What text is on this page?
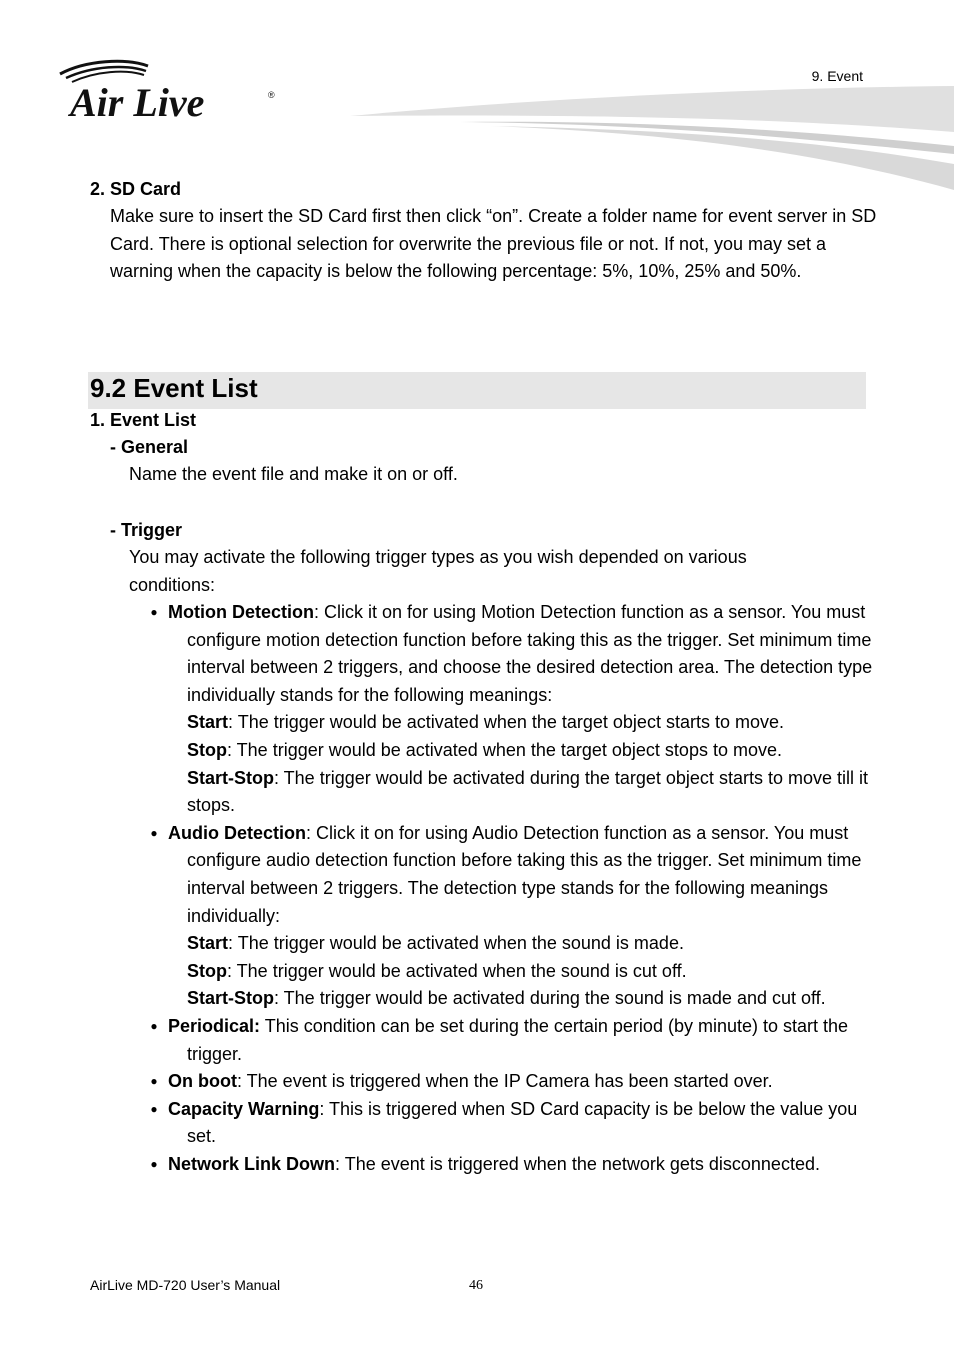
Air Live	®
9. Event
2. SD Card
Make sure to insert the SD Card first then click “on”. Create a folder name for event server in SD Card. There is optional selection for overwrite the previous file or not. If not, you may set a warning when the capacity is below the following percentage: 5%, 10%, 25% and 50%.
9.2 Event List
1. Event List
- General
Name the event file and make it on or off.
- Trigger
You may activate the following trigger types as you wish depended on various conditions:
● Motion Detection: Click it on for using Motion Detection function as a sensor. You must configure motion detection function before taking this as the trigger. Set minimum time interval between 2 triggers, and choose the desired detection area. The detection type individually stands for the following meanings:
Start: The trigger would be activated when the target object starts to move.
Stop: The trigger would be activated when the target object stops to move.
Start-Stop: The trigger would be activated during the target object starts to move till it stops.
● Audio Detection: Click it on for using Audio Detection function as a sensor. You must configure audio detection function before taking this as the trigger. Set minimum time interval between 2 triggers. The detection type stands for the following meanings individually:
Start: The trigger would be activated when the sound is made.
Stop: The trigger would be activated when the sound is cut off.
Start-Stop: The trigger would be activated during the sound is made and cut off.
● Periodical: This condition can be set during the certain period (by minute) to start the trigger.
● On boot: The event is triggered when the IP Camera has been started over.
● Capacity Warning: This is triggered when SD Card capacity is be below the value you set.
● Network Link Down: The event is triggered when the network gets disconnected.
AirLive MD-720 User’s Manual	46
